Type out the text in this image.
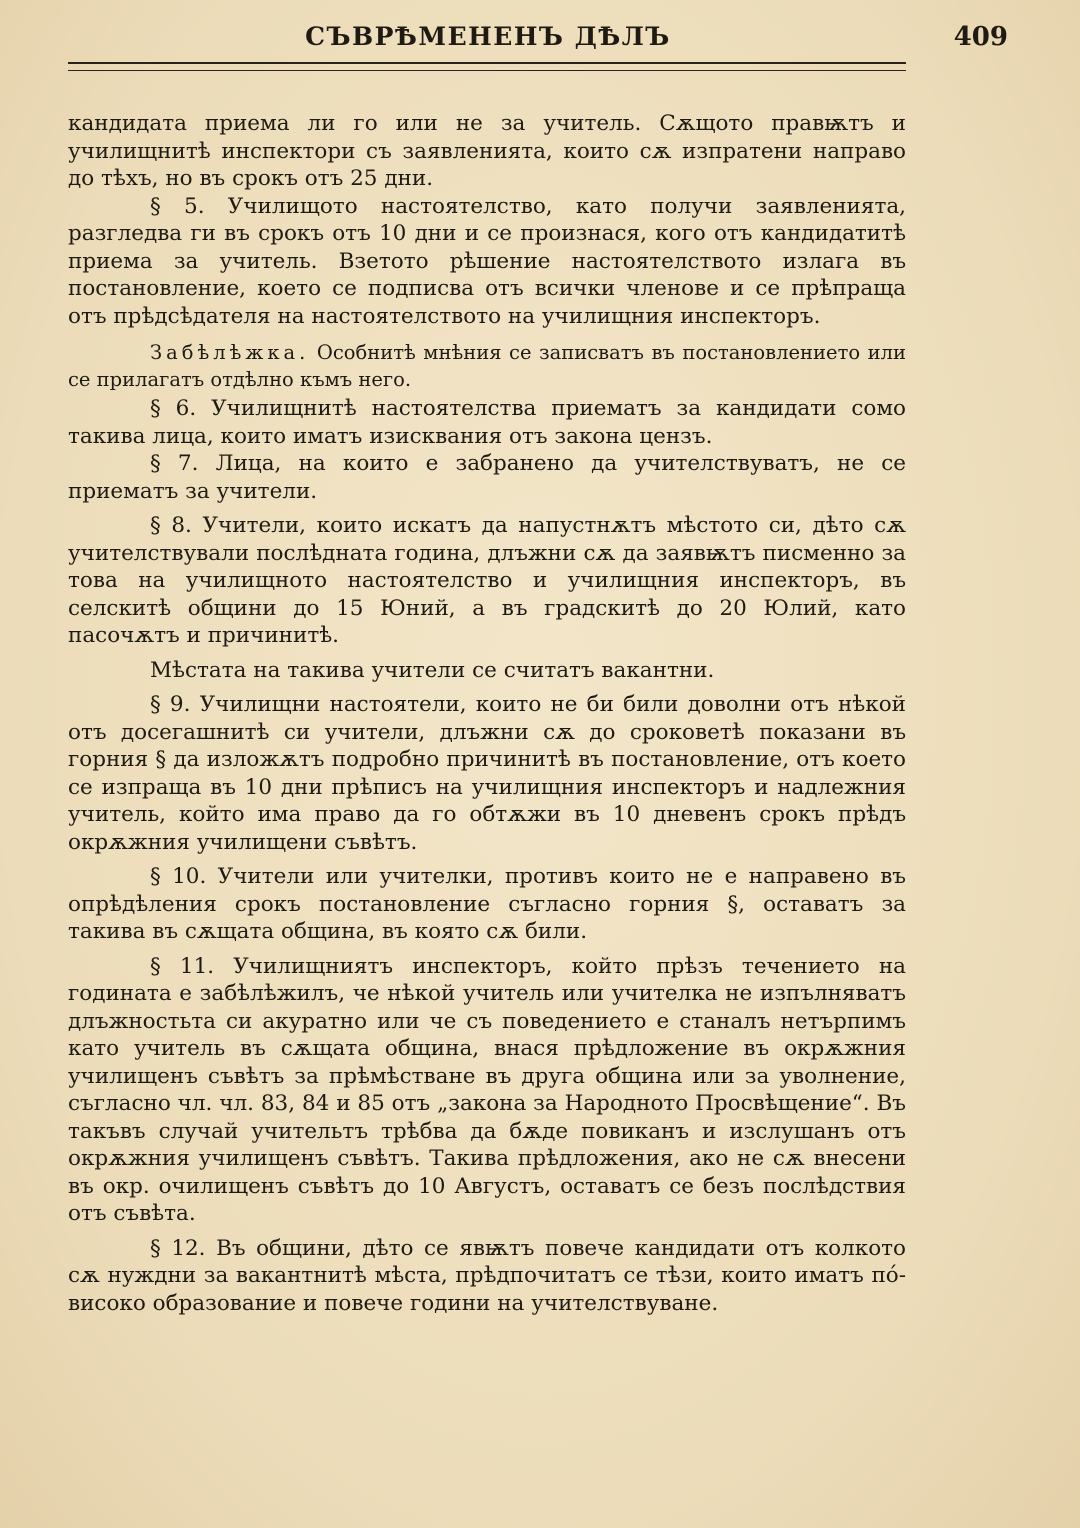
СЪВРѢМЕНЕНЪ ДѢЛЪ	409

кандидата приема ли го или не за учитель. Сѫщото правѭтъ и училищнитѣ инспектори съ заявленията, които сѫ изпратени направо до тѣхъ, но въ срокъ отъ 25 дни.

§ 5. Училищото настоятелство, като получи заявленията, разгледва ги въ срокъ отъ 10 дни и се произнася, кого отъ кандидатитѣ приема за учитель. Взетото рѣшение настоятелството излага въ постановление, което се подписва отъ всички членове и се прѣпраща отъ прѣдсѣдателя на настоятелството на училищния инспекторъ.

Забѣлѣжка. Особнитѣ мнѣния се записватъ въ постановлението или се прилагатъ отдѣлно къмъ него.

§ 6. Училищнитѣ настоятелства приематъ за кандидати сомо такива лица, които иматъ изисквания отъ закона цензъ.

§ 7. Лица, на които е забранено да учителствуватъ, не се приематъ за учители.

§ 8. Учители, които искатъ да напустнѫтъ мѣстото си, дѣто сѫ учителствували послѣдната година, длъжни сѫ да заявѭтъ писменно за това на училищното настоятелство и училищния инспекторъ, въ селскитѣ общини до 15 Юний, а въ градскитѣ до 20 Юлий, като пасочѫтъ и причинитѣ.

Мѣстата на такива учители се считатъ вакантни.

§ 9. Училищни настоятели, които не би били доволни отъ нѣкой отъ досегашнитѣ си учители, длъжни сѫ до сроковетѣ показани въ горния § да изложѫтъ подробно причинитѣ въ постановление, отъ което се изпраща въ 10 дни прѣписъ на училищния инспекторъ и надлежния учитель, който има право да го обтѫжи въ 10 дневенъ срокъ прѣдъ окрѫжния училищени съвѣтъ.

§ 10. Учители или учителки, противъ които не е направено въ опрѣдѣления срокъ постановление съгласно горния §, оставатъ за такива въ сѫщата община, въ която сѫ били.

§ 11. Училищниятъ инспекторъ, който прѣзъ течението на годината е забѣлѣжилъ, че нѣкой учитель или учителка не изпълняватъ длъжностьта си акуратно или че съ поведението е станалъ нетърпимъ като учитель въ сѫщата община, внася прѣдложение въ окрѫжния училищенъ съвѣтъ за прѣмѣстване въ друга община или за уволнение, съгласно чл. чл. 83, 84 и 85 отъ „закона за Народното Просвѣщение“. Въ такъвъ случай учительтъ трѣбва да бѫде повиканъ и изслушанъ отъ окрѫжния училищенъ съвѣтъ. Такива прѣдложения, ако не сѫ внесени въ окр. очилищенъ съвѣтъ до 10 Августъ, оставатъ се безъ послѣдствия отъ съвѣта.

§ 12. Въ общини, дѣто се явѭтъ повече кандидати отъ колкото сѫ нуждни за вакантнитѣ мѣста, прѣдпочитатъ се тѣзи, които иматъ по́-високо образование и повече години на учителствуване.
